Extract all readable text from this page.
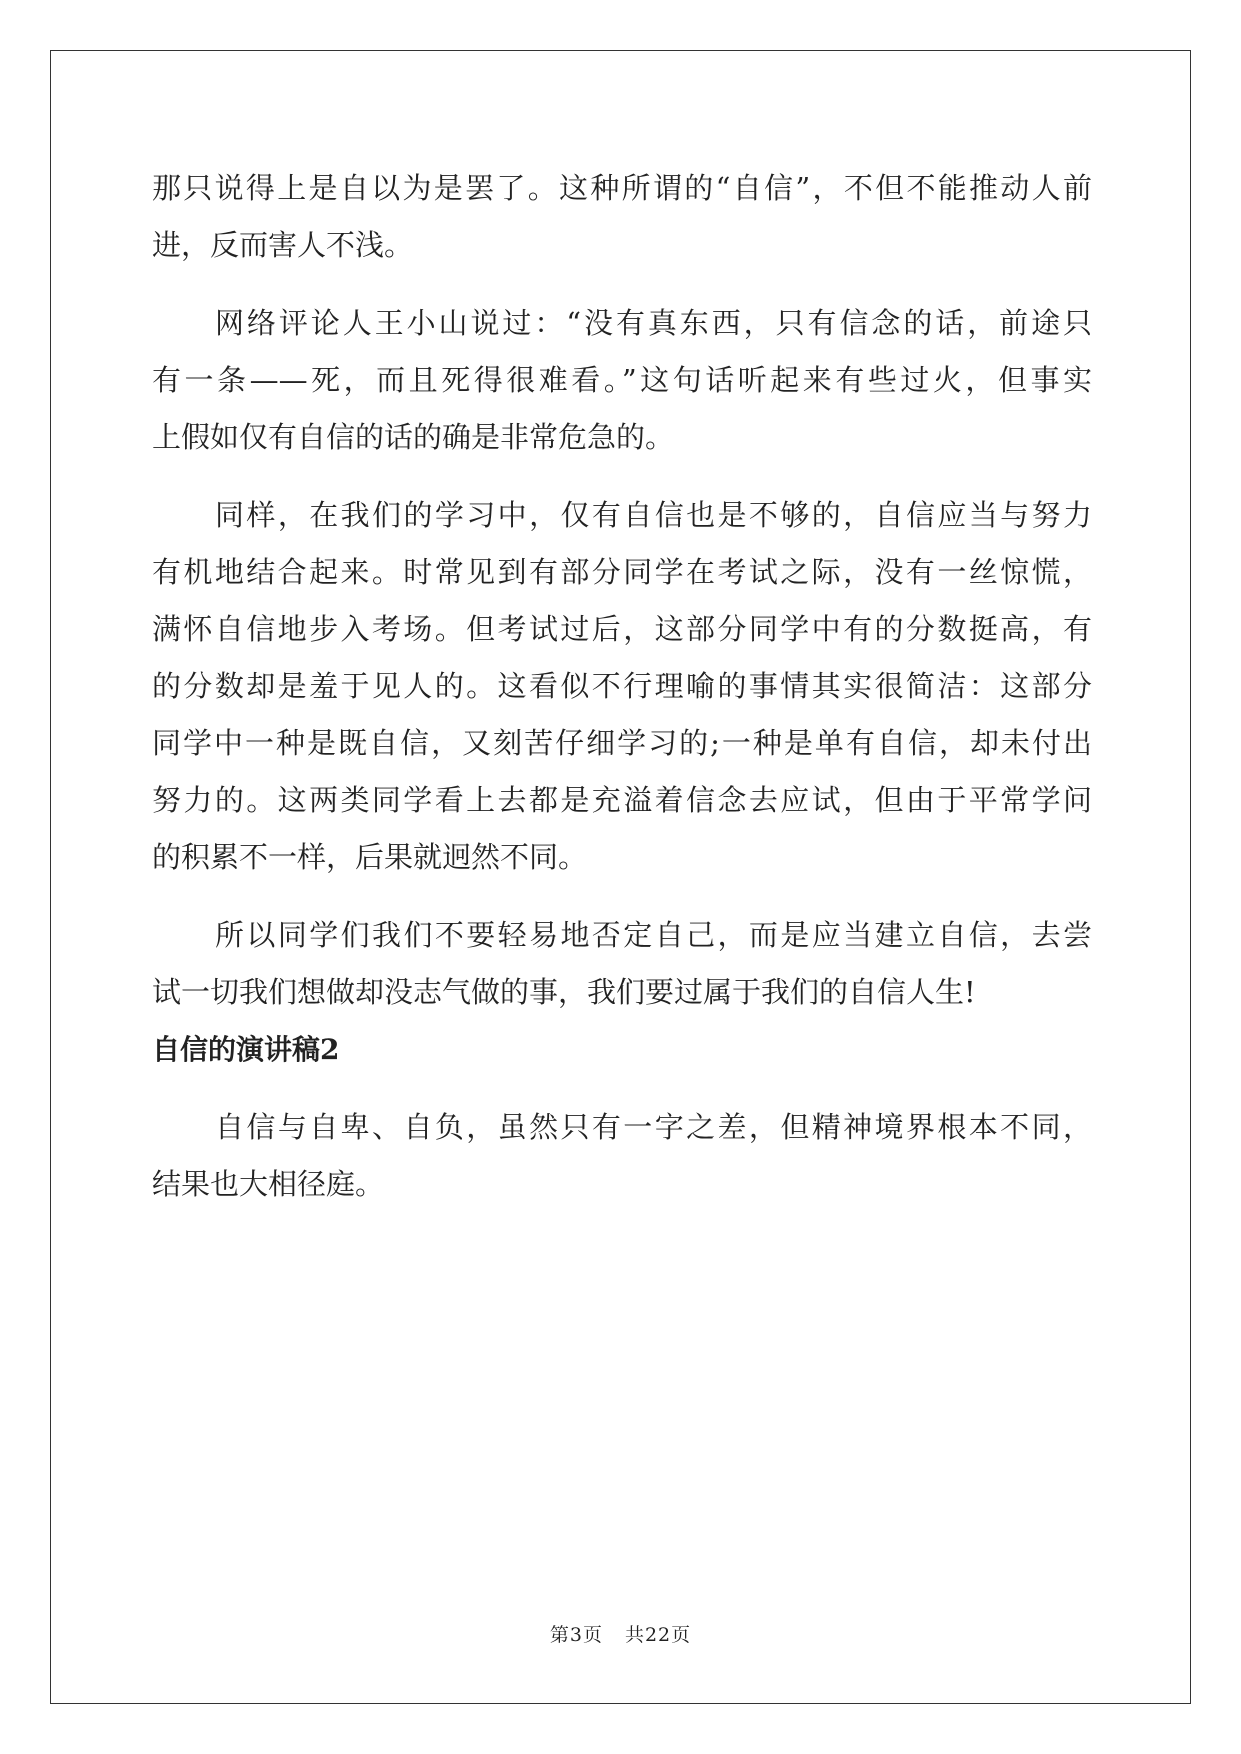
那只说得上是自以为是罢了。这种所谓的“自信”，不但不能推动人前
进，反而害人不浅。

网络评论人王小山说过：“没有真东西，只有信念的话，前途只
有一条——死，而且死得很难看。”这句话听起来有些过火，但事实
上假如仅有自信的话的确是非常危急的。

同样，在我们的学习中，仅有自信也是不够的，自信应当与努力
有机地结合起来。时常见到有部分同学在考试之际，没有一丝惊慌，
满怀自信地步入考场。但考试过后，这部分同学中有的分数挺高，有
的分数却是羞于见人的。这看似不行理喻的事情其实很简洁：这部分
同学中一种是既自信，又刻苦仔细学习的;一种是单有自信，却未付出
努力的。这两类同学看上去都是充溢着信念去应试，但由于平常学问
的积累不一样，后果就迥然不同。

所以同学们我们不要轻易地否定自己，而是应当建立自信，去尝
试一切我们想做却没志气做的事，我们要过属于我们的自信人生!

自信的演讲稿2

自信与自卑、自负，虽然只有一字之差，但精神境界根本不同，
结果也大相径庭。

第3页 共22页
